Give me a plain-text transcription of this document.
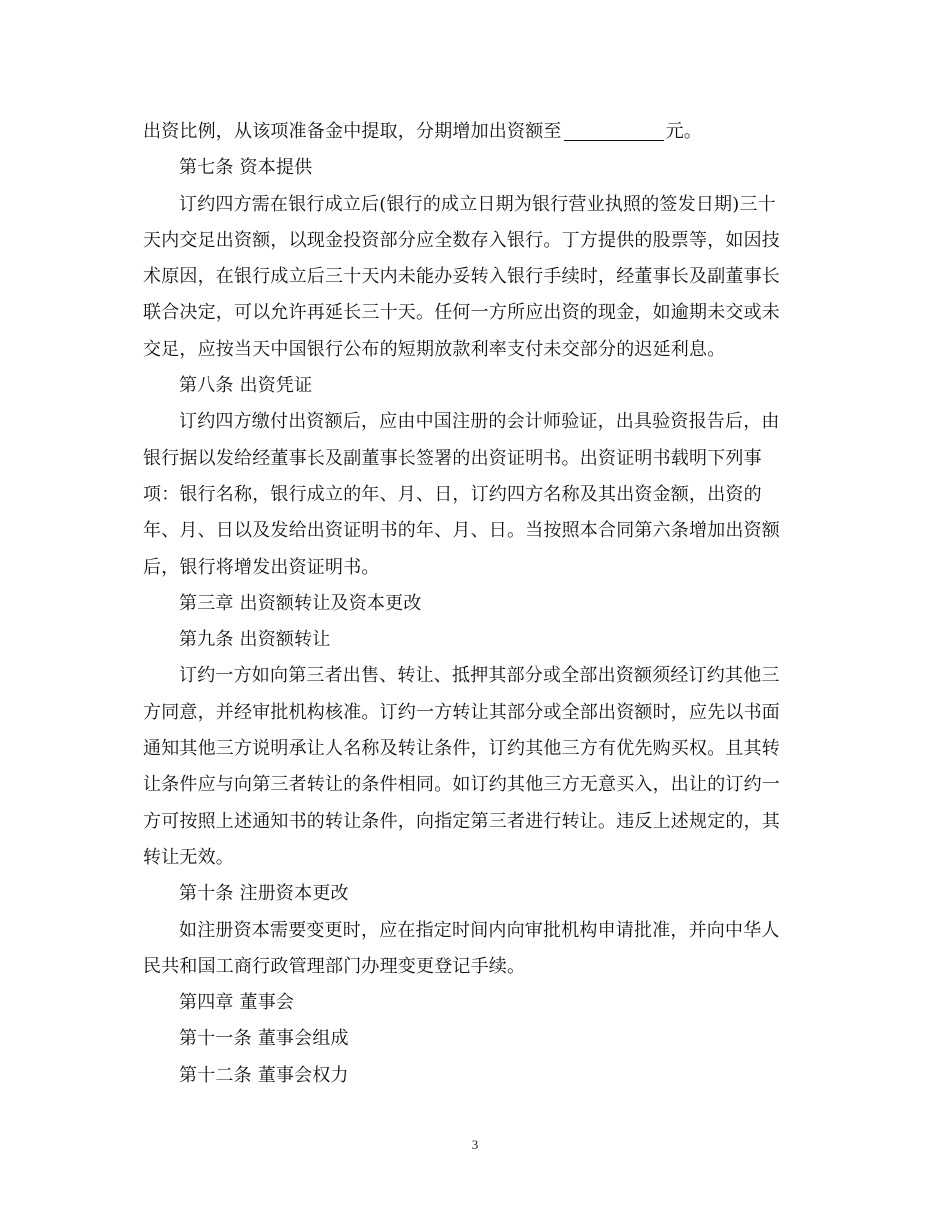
出资比例，从该项准备金中提取，分期增加出资额至	元。
第七条 资本提供
订约四方需在银行成立后(银行的成立日期为银行营业执照的签发日期)三十
天内交足出资额，以现金投资部分应全数存入银行。丁方提供的股票等，如因技
术原因，在银行成立后三十天内未能办妥转入银行手续时，经董事长及副董事长
联合决定，可以允许再延长三十天。任何一方所应出资的现金，如逾期未交或未
交足，应按当天中国银行公布的短期放款利率支付未交部分的迟延利息。
第八条 出资凭证
订约四方缴付出资额后，应由中国注册的会计师验证，出具验资报告后，由
银行据以发给经董事长及副董事长签署的出资证明书。出资证明书载明下列事
项：银行名称，银行成立的年、月、日，订约四方名称及其出资金额，出资的
年、月、日以及发给出资证明书的年、月、日。当按照本合同第六条增加出资额
后，银行将增发出资证明书。
第三章 出资额转让及资本更改
第九条 出资额转让
订约一方如向第三者出售、转让、抵押其部分或全部出资额须经订约其他三
方同意，并经审批机构核准。订约一方转让其部分或全部出资额时，应先以书面
通知其他三方说明承让人名称及转让条件，订约其他三方有优先购买权。且其转
让条件应与向第三者转让的条件相同。如订约其他三方无意买入，出让的订约一
方可按照上述通知书的转让条件，向指定第三者进行转让。违反上述规定的，其
转让无效。
第十条 注册资本更改
如注册资本需要变更时，应在指定时间内向审批机构申请批准，并向中华人
民共和国工商行政管理部门办理变更登记手续。
第四章 董事会
第十一条 董事会组成
第十二条 董事会权力
3
